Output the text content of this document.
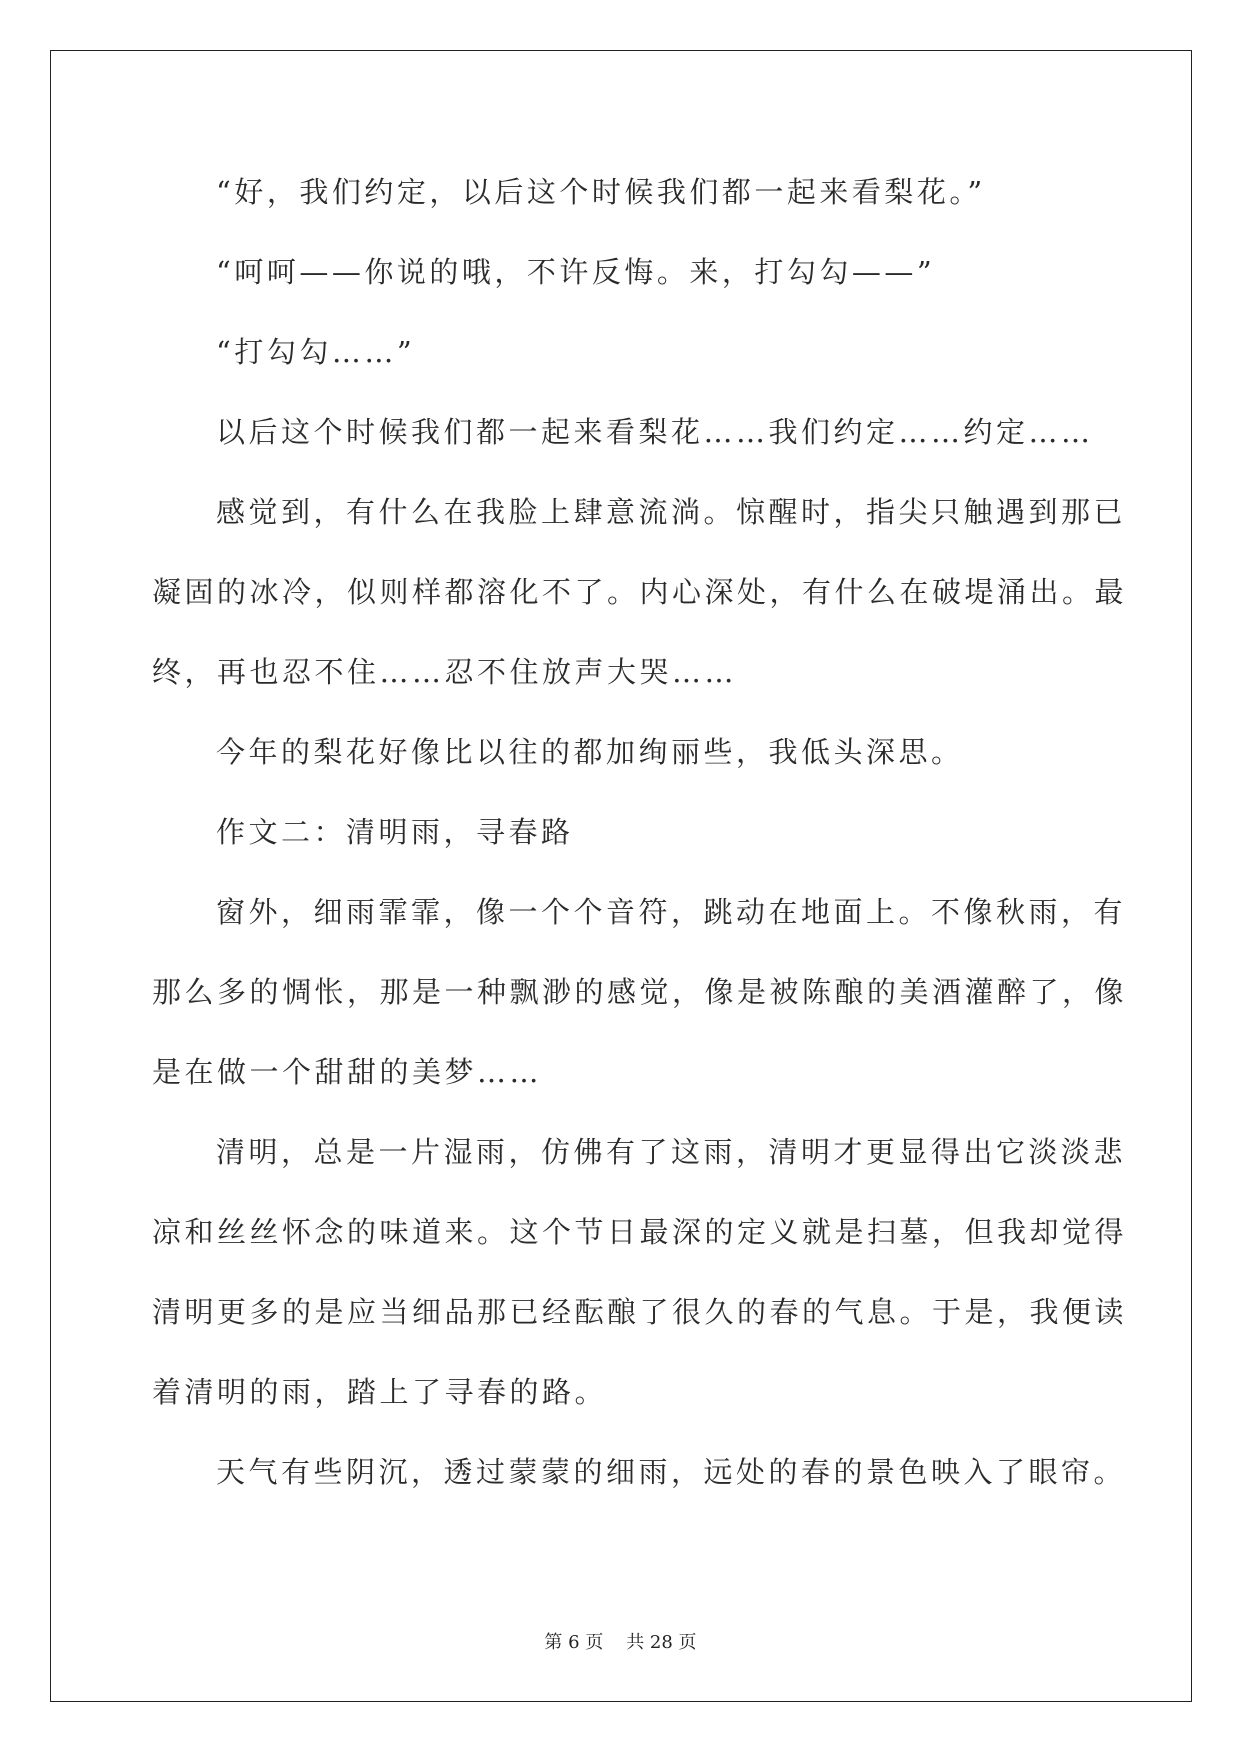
“好，我们约定，以后这个时候我们都一起来看梨花。”
“呵呵——你说的哦，不许反悔。来，打勾勾——”
“打勾勾……”
以后这个时候我们都一起来看梨花……我们约定……约定……
感觉到，有什么在我脸上肆意流淌。惊醒时，指尖只触遇到那已
凝固的冰冷，似则样都溶化不了。内心深处，有什么在破堤涌出。最
终，再也忍不住……忍不住放声大哭……
今年的梨花好像比以往的都加绚丽些，我低头深思。
作文二：清明雨，寻春路
窗外，细雨霏霏，像一个个音符，跳动在地面上。不像秋雨，有
那么多的惆怅，那是一种飘渺的感觉，像是被陈酿的美酒灌醉了，像
是在做一个甜甜的美梦……
清明，总是一片湿雨，仿佛有了这雨，清明才更显得出它淡淡悲
凉和丝丝怀念的味道来。这个节日最深的定义就是扫墓，但我却觉得
清明更多的是应当细品那已经酝酿了很久的春的气息。于是，我便读
着清明的雨，踏上了寻春的路。
天气有些阴沉，透过蒙蒙的细雨，远处的春的景色映入了眼帘。
第 6 页    共 28 页
